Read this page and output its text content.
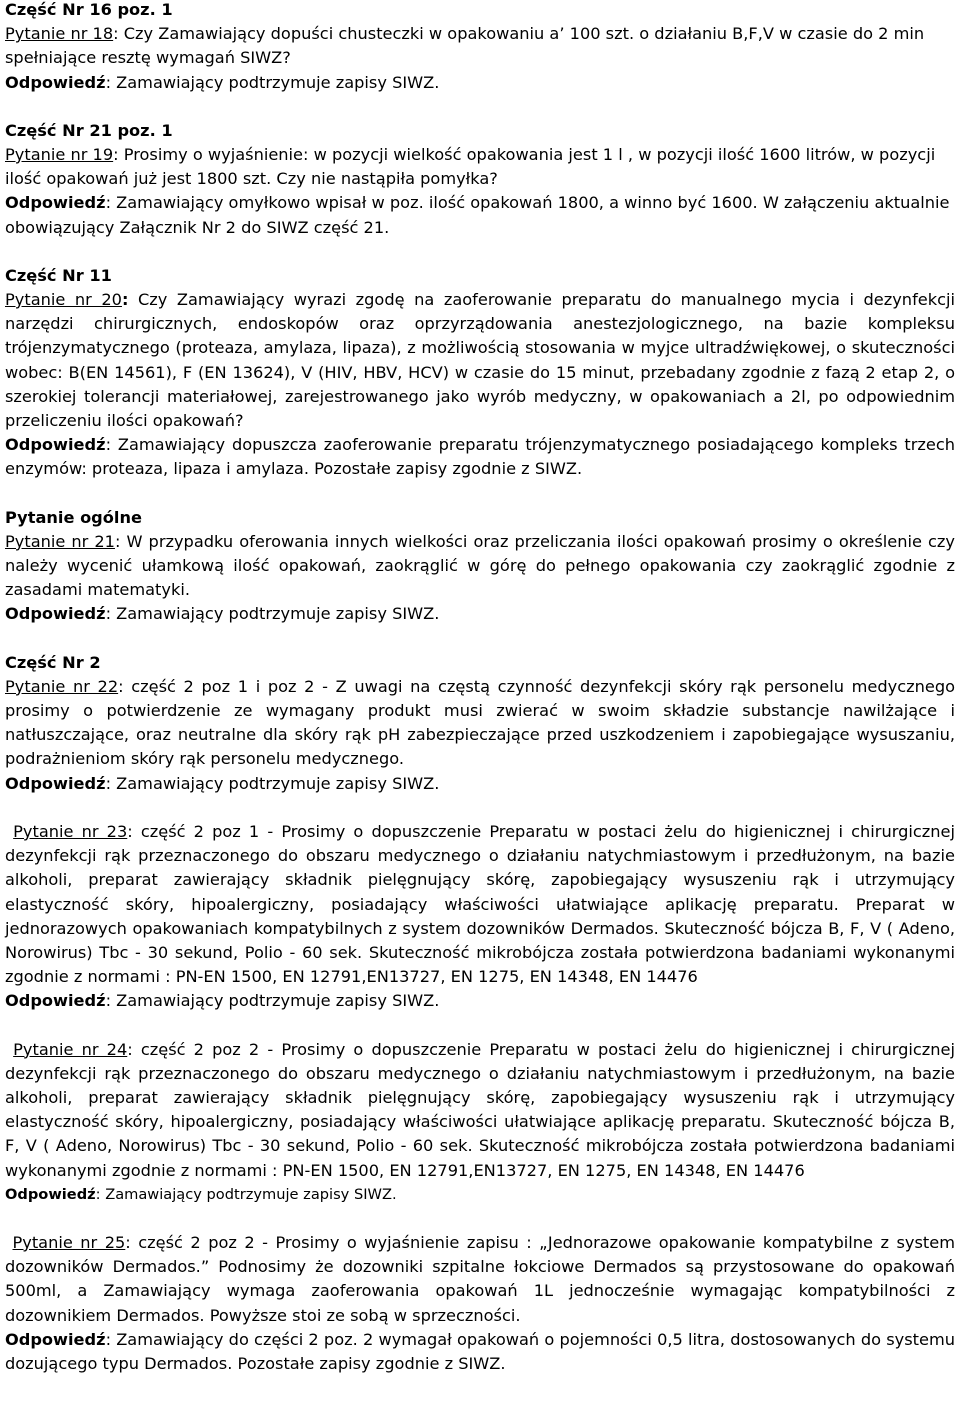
Część Nr 16 poz. 1

Pytanie nr 18: Czy Zamawiający dopuści chusteczki w opakowaniu a’ 100 szt. o działaniu B,F,V w czasie do 2 min spełniające resztę wymagań SIWZ?

Odpowiedź: Zamawiający podtrzymuje zapisy SIWZ.

Część Nr 21 poz. 1

Pytanie nr 19: Prosimy o wyjaśnienie: w pozycji wielkość opakowania jest 1 l , w pozycji ilość 1600 litrów, w pozycji ilość opakowań już jest 1800 szt. Czy nie nastąpiła pomyłka?

Odpowiedź: Zamawiający omyłkowo wpisał w poz. ilość opakowań 1800, a winno być 1600. W załączeniu aktualnie obowiązujący Załącznik Nr 2 do SIWZ część 21.

Część Nr 11

Pytanie nr 20: Czy Zamawiający wyrazi zgodę na zaoferowanie preparatu do manualnego mycia i dezynfekcji narzędzi chirurgicznych, endoskopów oraz oprzyrządowania anestezjologicznego, na bazie kompleksu trójenzymatycznego (proteaza, amylaza, lipaza), z możliwością stosowania w myjce ultradźwiękowej, o skuteczności wobec: B(EN 14561), F (EN 13624), V (HIV, HBV, HCV) w czasie do 15 minut, przebadany zgodnie z fazą 2 etap 2, o szerokiej tolerancji materiałowej, zarejestrowanego jako wyrób medyczny, w opakowaniach a 2l, po odpowiednim przeliczeniu ilości opakowań?

Odpowiedź: Zamawiający dopuszcza zaoferowanie preparatu trójenzymatycznego posiadającego kompleks trzech enzymów: proteaza, lipaza i amylaza. Pozostałe zapisy zgodnie z SIWZ.

Pytanie ogólne

Pytanie nr 21: W przypadku oferowania innych wielkości oraz przeliczania ilości opakowań prosimy o określenie czy należy wycenić ułamkową ilość opakowań, zaokrąglić w górę do pełnego opakowania czy zaokrąglić zgodnie z zasadami matematyki.

Odpowiedź: Zamawiający podtrzymuje zapisy SIWZ.

Część Nr 2

Pytanie nr 22: część 2 poz 1 i poz 2 - Z uwagi na częstą czynność dezynfekcji skóry rąk personelu medycznego prosimy o potwierdzenie ze wymagany produkt musi zwierać w swoim składzie substancje nawilżające i natłuszczające, oraz neutralne dla skóry rąk pH zabezpieczające przed uszkodzeniem i zapobiegające wysuszaniu, podrażnieniom skóry rąk personelu medycznego.

Odpowiedź: Zamawiający podtrzymuje zapisy SIWZ.

Pytanie nr 23: część 2 poz 1 - Prosimy o dopuszczenie Preparatu w postaci żelu do higienicznej i chirurgicznej dezynfekcji rąk przeznaczonego do obszaru medycznego o działaniu natychmiastowym i przedłużonym, na bazie alkoholi, preparat zawierający składnik pielęgnujący skórę, zapobiegający wysuszeniu rąk i utrzymujący elastyczność skóry, hipoalergiczny, posiadający właściwości ułatwiające aplikację preparatu. Preparat w jednorazowych opakowaniach kompatybilnych z system dozowników Dermados. Skuteczność bójcza B, F, V ( Adeno, Norowirus) Tbc - 30 sekund, Polio - 60 sek. Skuteczność mikrobójcza została potwierdzona badaniami wykonanymi zgodnie z normami : PN-EN 1500, EN 12791,EN13727, EN 1275, EN 14348, EN 14476

Odpowiedź: Zamawiający podtrzymuje zapisy SIWZ.

Pytanie nr 24: część 2 poz 2 - Prosimy o dopuszczenie Preparatu w postaci żelu do higienicznej i chirurgicznej dezynfekcji rąk przeznaczonego do obszaru medycznego o działaniu natychmiastowym i przedłużonym, na bazie alkoholi, preparat zawierający składnik pielęgnujący skórę, zapobiegający wysuszeniu rąk i utrzymujący elastyczność skóry, hipoalergiczny, posiadający właściwości ułatwiające aplikację preparatu. Skuteczność bójcza B, F, V ( Adeno, Norowirus) Tbc - 30 sekund, Polio - 60 sek. Skuteczność mikrobójcza została potwierdzona badaniami wykonanymi zgodnie z normami : PN-EN 1500, EN 12791,EN13727, EN 1275, EN 14348, EN 14476

Odpowiedź: Zamawiający podtrzymuje zapisy SIWZ.

Pytanie nr 25: część 2 poz 2 - Prosimy o wyjaśnienie zapisu : „Jednorazowe opakowanie kompatybilne z system dozowników Dermados.” Podnosimy że dozowniki szpitalne łokciowe Dermados są przystosowane do opakowań 500ml, a Zamawiający wymaga zaoferowania opakowań 1L jednocześnie wymagając kompatybilności z dozownikiem Dermados. Powyższe stoi ze sobą w sprzeczności.

Odpowiedź: Zamawiający do części 2 poz. 2 wymagał opakowań o pojemności 0,5 litra, dostosowanych do systemu dozującego typu Dermados. Pozostałe zapisy zgodnie z SIWZ.
